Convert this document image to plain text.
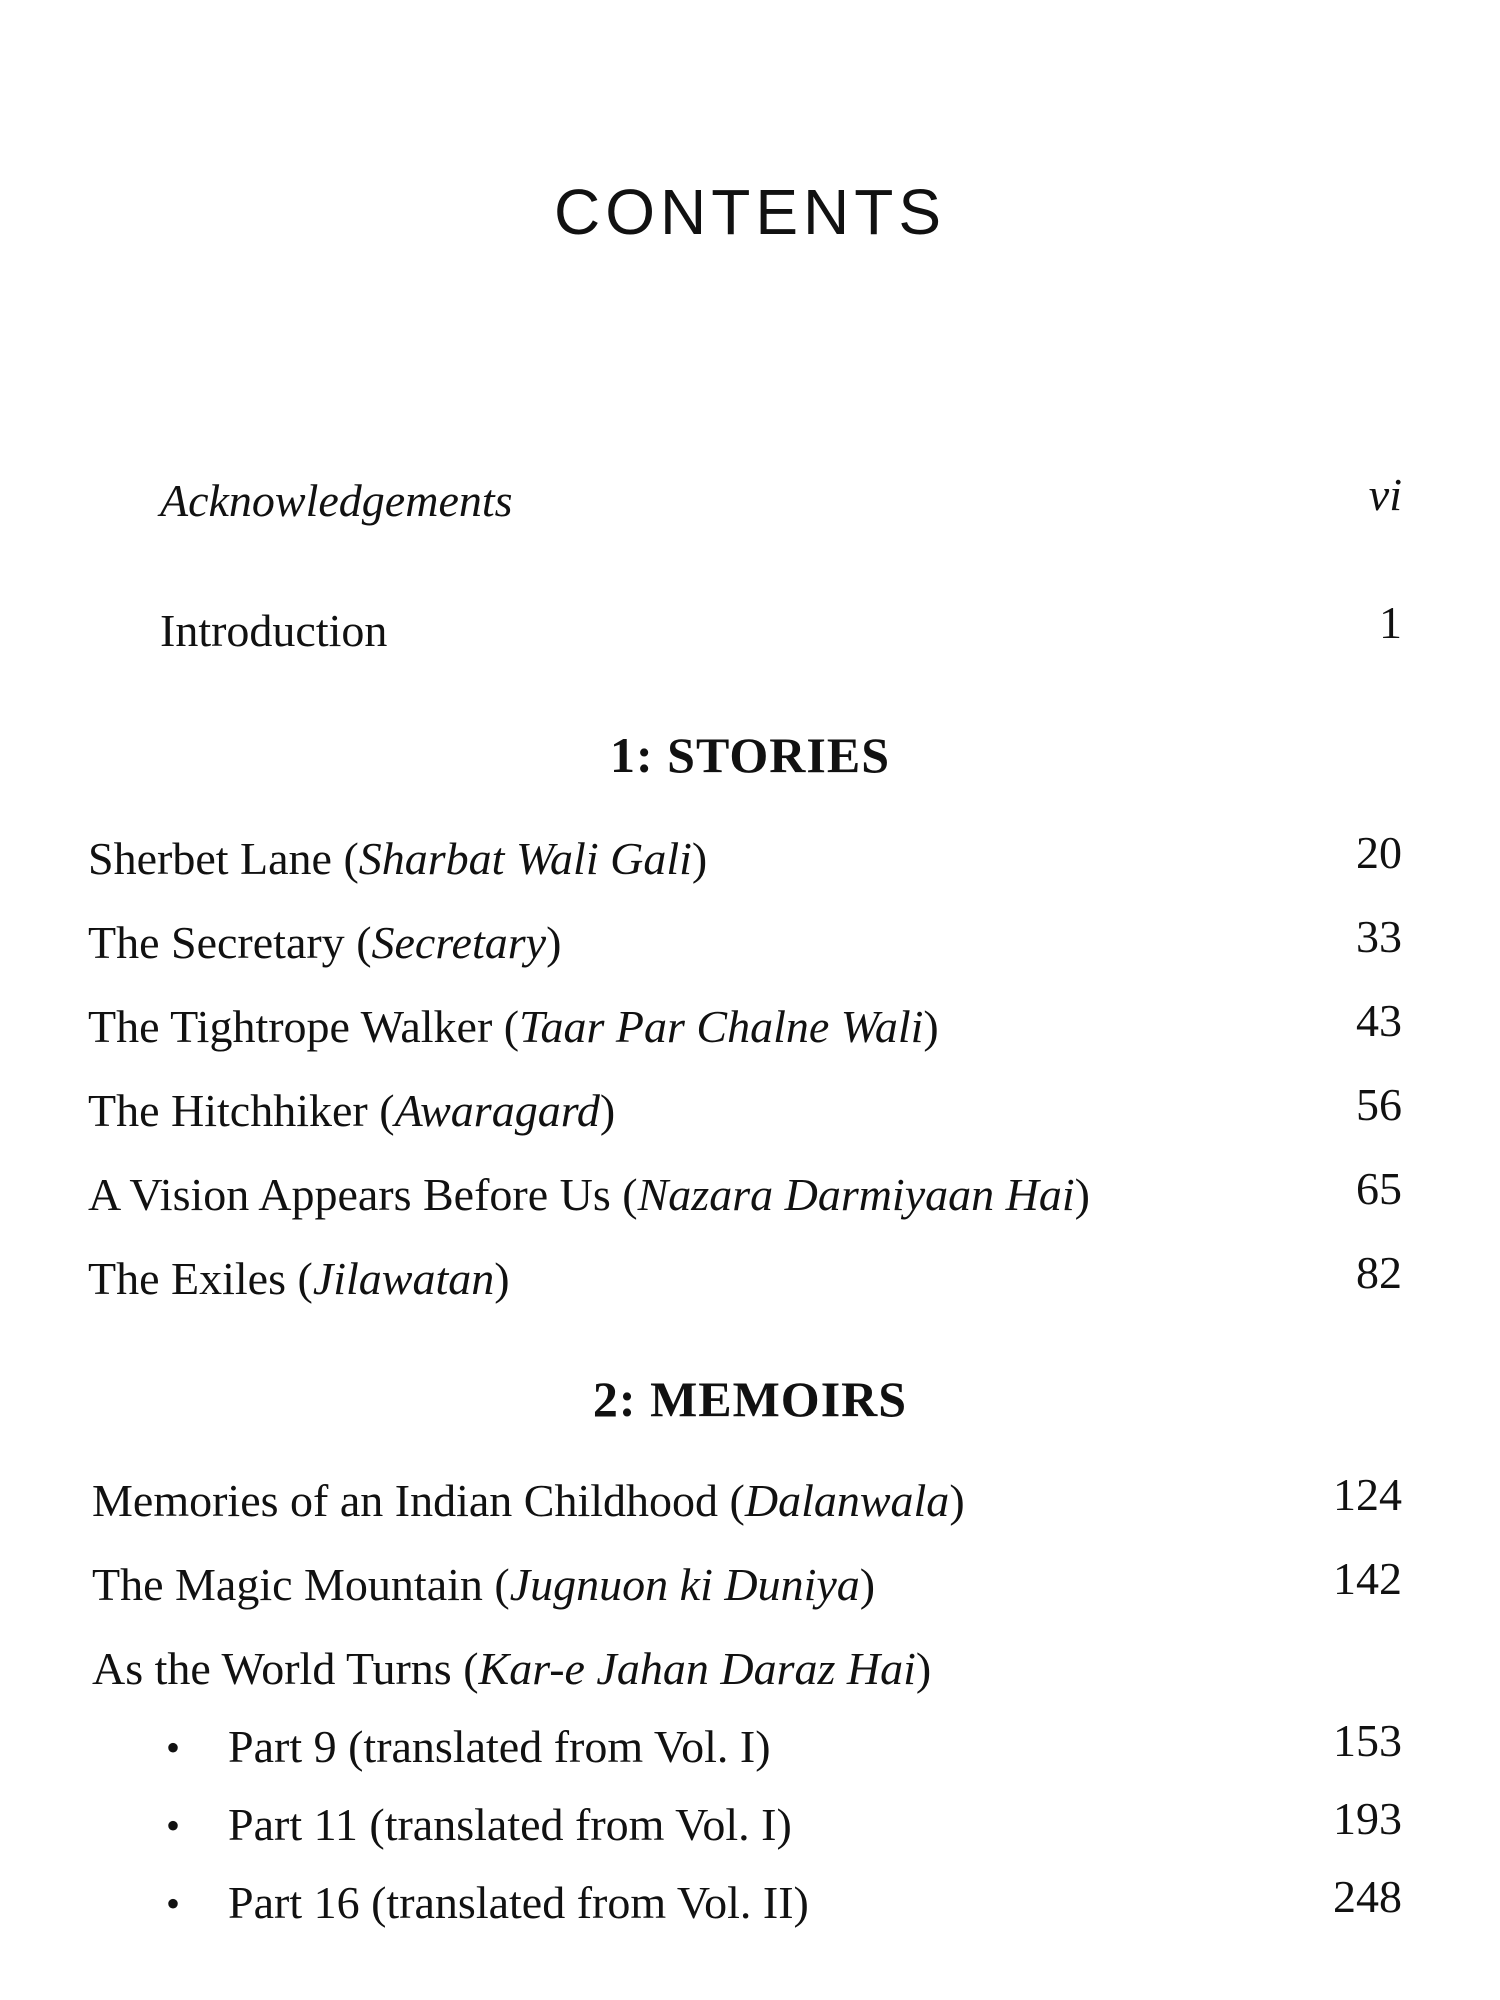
CONTENTS
Acknowledgements	vi
Introduction	1
1: STORIES
Sherbet Lane (Sharbat Wali Gali)	20
The Secretary (Secretary)	33
The Tightrope Walker (Taar Par Chalne Wali)	43
The Hitchhiker (Awaragard)	56
A Vision Appears Before Us (Nazara Darmiyaan Hai)	65
The Exiles (Jilawatan)	82
2: MEMOIRS
Memories of an Indian Childhood (Dalanwala)	124
The Magic Mountain (Jugnuon ki Duniya)	142
As the World Turns (Kar-e Jahan Daraz Hai)
• Part 9 (translated from Vol. I)	153
• Part 11 (translated from Vol. I)	193
• Part 16 (translated from Vol. II)	248
